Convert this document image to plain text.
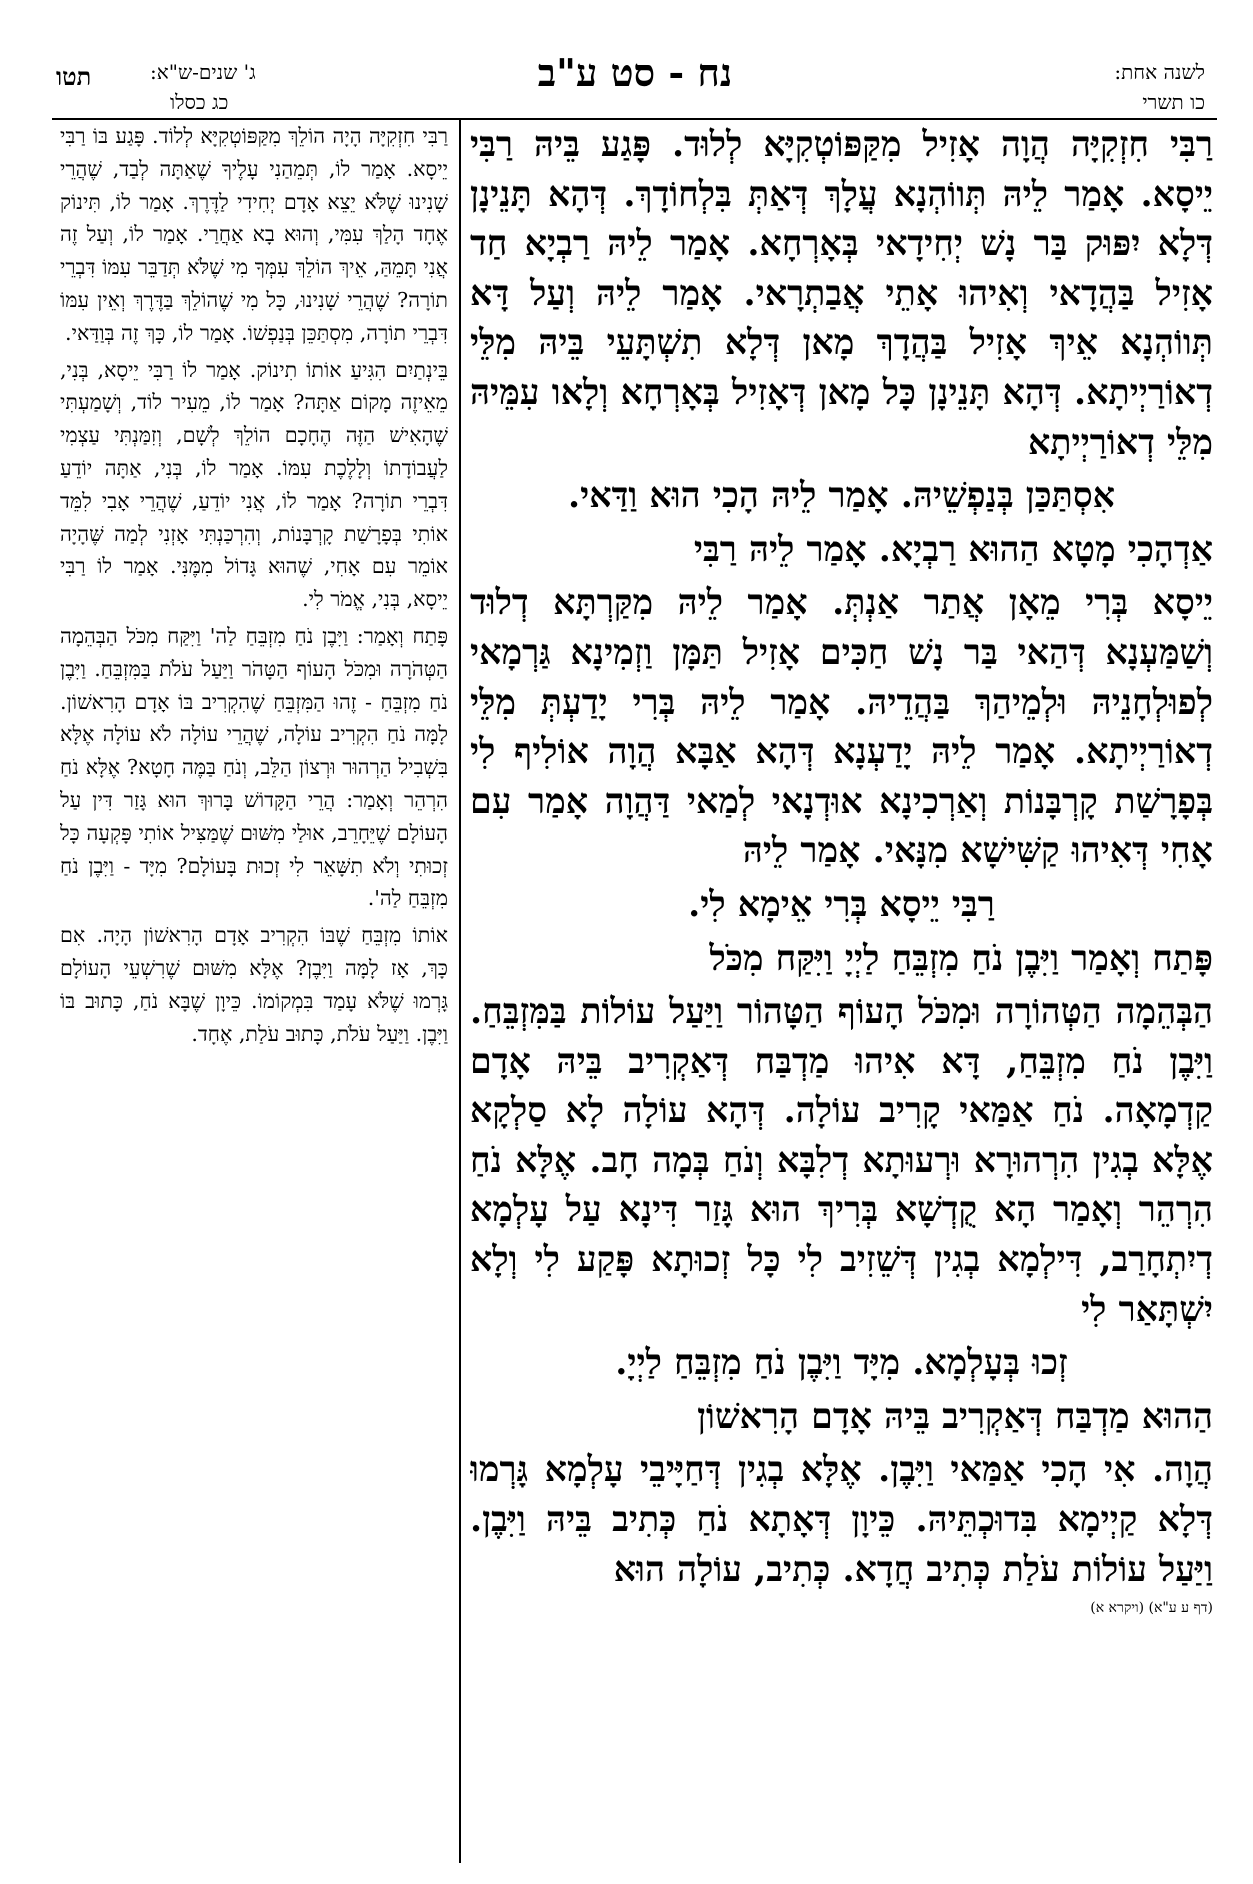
תטו	ג' שנים-ש"א:
כג כסלו
נח - סט ע"ב	לשנה אחת:
כו תשרי

רַבִּי חִזְקִיָּה הָיָה הוֹלֵךְ מִקַּפּוֹטְקִיָּא לְלוֹד. פָּגַע בּוֹ רַבִּי יֵיסָא. אָמַר לוֹ, תְּמֵהַנִי עָלֶיךָ שֶׁאַתָּה לְבַד, שֶׁהֲרֵי שָׁנִינוּ שֶׁלֹּא יֵצֵא אָדָם יְחִידִי לַדֶּרֶךְ. אָמַר לוֹ, תִּינוֹק אֶחָד הָלַךְ עִמִּי, וְהוּא בָא אַחֲרַי. אָמַר לוֹ, וְעַל זֶה אֲנִי תָּמֵהַּ, אֵיךְ הוֹלֵךְ עִמְּךָ מִי שֶׁלֹּא תְּדַבֵּר עִמּוֹ דִּבְרֵי תוֹרָה? שֶׁהֲרֵי שָׁנִינוּ, כָּל מִי שֶׁהוֹלֵךְ בַּדֶּרֶךְ וְאֵין עִמּוֹ דִּבְרֵי תוֹרָה, מִסְתַּכֵּן בְּנַפְשׁוֹ. אָמַר לוֹ, כָּךְ זֶה בְּוַדַּאי.

בֵּינְתַיִם הִגִּיעַ אוֹתוֹ תִינוֹק. אָמַר לוֹ רַבִּי יֵיסָא, בְּנִי, מֵאֵיזֶה מָקוֹם אַתָּה? אָמַר לוֹ, מֵעִיר לוֹד, וְשָׁמַעְתִּי שֶׁהָאִישׁ הַזֶּה הֶחָכָם הוֹלֵךְ לְשָׁם, וְזִמַּנְתִּי עַצְמִי לַעֲבוֹדָתוֹ וְלָלֶכֶת עִמּוֹ. אָמַר לוֹ, בְּנִי, אַתָּה יוֹדֵעַ דִּבְרֵי תוֹרָה? אָמַר לוֹ, אֲנִי יוֹדֵעַ, שֶׁהֲרֵי אָבִי לִמֵּד אוֹתִי בְּפָרָשַׁת קָרְבָּנוֹת, וְהִרְכַּנְתִּי אָזְנִי לְמַה שֶּׁהָיָה אוֹמֵר עִם אָחִי, שֶׁהוּא גָּדוֹל מִמֶּנִּי. אָמַר לוֹ רַבִּי יֵיסָא, בְּנִי, אֱמֹר לִי.

פָּתַח וְאָמַר: וַיִּבֶן נֹחַ מִזְבֵּחַ לַה' וַיִּקַּח מִכֹּל הַבְּהֵמָה הַטְּהֹרָה וּמִכֹּל הָעוֹף הַטָּהֹר וַיַּעַל עֹלֹת בַּמִּזְבֵּחַ. וַיִּבֶן נֹחַ מִזְבֵּחַ - זֶהוּ הַמִּזְבֵּחַ שֶׁהִקְרִיב בּוֹ אָדָם הָרִאשׁוֹן. לָמָּה נֹחַ הִקְרִיב עוֹלָה, שֶׁהֲרֵי עוֹלָה לֹא עוֹלָה אֶלָּא בִּשְׁבִיל הַרְהוּר וּרְצוֹן הַלֵּב, וְנֹחַ בַּמֶּה חָטָא? אֶלָּא נֹחַ הִרְהֵר וְאָמַר: הֲרֵי הַקָּדוֹשׁ בָּרוּךְ הוּא גָּזַר דִּין עַל הָעוֹלָם שֶׁיֵּחָרֵב, אוּלַי מִשּׁוּם שֶׁמַּצִּיל אוֹתִי פָּקְעָה כָּל זְכוּתִי וְלֹא תִשָּׁאֵר לִי זְכוּת בָּעוֹלָם? מִיָּד - וַיִּבֶן נֹחַ מִזְבֵּחַ לַה'.

אוֹתוֹ מִזְבֵּחַ שֶׁבּוֹ הִקְרִיב אָדָם הָרִאשׁוֹן הָיָה. אִם כָּךְ, אָז לָמָּה וַיִּבֶן? אֶלָּא מִשּׁוּם שֶׁרִשְׁעֵי הָעוֹלָם גָּרְמוּ שֶׁלֹּא עָמַד בִּמְקוֹמוֹ. כֵּיוָן שֶׁבָּא נֹחַ, כָּתוּב בּוֹ וַיִּבֶן. וַיַּעַל עֹלֹת, כָּתוּב עֹלַת, אֶחָד.

רַבִּי חִזְקִיָּה הֲוָה אָזִיל מִקַּפּוֹטְקִיָּא לְלוּד. פָּגַע בֵּיהּ רַבִּי יֵיסָא. אָמַר לֵיהּ תְּווֹהְנָא עֲלָךְ דְּאַתְּ בִּלְחוֹדָךְ. דְּהָא תָּנֵינָן דְּלָא יִפּוּק בַּר נָשׁ יְחִידָאי בְּאָרְחָא. אָמַר לֵיהּ רַבְיָא חַד אָזִיל בַּהֲדָאי וְאִיהוּ אָתֵי אֲבַתְרָאי. אָמַר לֵיהּ וְעַל דָּא תְּווֹהְנָא אֵיךְ אָזִיל בַּהֲדָךְ מָאן דְּלָא תִשְׁתָּעֵי בֵּיהּ מִלֵּי דְאוֹרַיְיתָא. דְּהָא תָּנֵינָן כָּל מָאן דְּאָזִיל בְּאָרְחָא וְלָאו עִמֵּיהּ מִלֵּי דְאוֹרַיְיתָא

אִסְתַּכַּן בְּנַפְשֵׁיהּ. אָמַר לֵיהּ הָכִי הוּא וַדַּאי.

אַדְהָכִי מָטָא הַהוּא רַבְיָא. אָמַר לֵיהּ רַבִּי

יֵיסָא בְּרִי מֵאָן אֲתַר אַנְתְּ. אָמַר לֵיהּ מִקַּרְתָּא דְלוּד וְשַׁמַּעְנָא דְּהַאי בַּר נָשׁ חַכִּים אָזִיל תַּמָּן וַזְמִינָא גַּרְמָאי לְפוּלְחָנֵיהּ וּלְמֵיהַךְ בַּהֲדֵיהּ. אָמַר לֵיהּ בְּרִי יָדַעְתְּ מִלֵּי דְאוֹרַיְיתָא. אָמַר לֵיהּ יָדַעְנָא דְּהָא אַבָּא הֲוָה אוֹלִיף לִי בְּפָרָשַׁת קָרְבָּנוֹת וְאַרְכִינָא אוּדְנָאי לְמַאי דַּהֲוָה אָמַר עִם אָחִי דְּאִיהוּ קַשִּׁישָׁא מִנָּאי. אָמַר לֵיהּ

רַבִּי יֵיסָא בְּרִי אֵימָא לִי.

פָּתַח וְאָמַר וַיִּבֶן נֹחַ מִזְבֵּחַ לַיְיָ וַיִּקַּח מִכֹּל

הַבְּהֵמָה הַטְּהוֹרָה וּמִכֹּל הָעוֹף הַטָּהוֹר וַיַּעַל עוֹלוֹת בַּמִּזְבֵּחַ. וַיִּבֶן נֹחַ מִזְבֵּחַ, דָּא אִיהוּ מַדְבַּח דְּאַקְרִיב בֵּיהּ אָדָם קַדְמָאָה. נֹחַ אַמַּאי קָרִיב עוֹלָה. דְּהָא עוֹלָה לָא סַלְקָא אֶלָּא בְגִין הִרְהוּרָא וּרְעוּתָא דְלִבָּא וְנֹחַ בְּמָה חָב. אֶלָּא נֹחַ הִרְהֵר וְאָמַר הָא קֻדְשָׁא בְּרִיךְ הוּא גָּזַר דִּינָא עַל עָלְמָא דְיִתְחָרַב, דִּילְמָא בְגִין דְּשֵׁזִיב לִי כָּל זְכוּתָא פָּקַע לִי וְלָא יִשְׁתָּאַר לִי

זְכוּ בְּעָלְמָא. מִיָּד וַיִּבֶן נֹחַ מִזְבֵּחַ לַיְיָ.

הַהוּא מַדְבַּח דְּאַקְרִיב בֵּיהּ אָדָם הָרִאשׁוֹן

הֲוָה. אִי הָכִי אַמַּאי וַיִּבֶן. אֶלָּא בְגִין דְּחַיָּיבֵי עָלְמָא גָּרְמוּ דְּלָא קַיְימָא בִּדוּכְתֵּיהּ. כֵּיוָן דְּאָתָא נֹחַ כְּתִיב בֵּיהּ וַיִּבֶן. וַיַּעַל עוֹלוֹת עֹלַת כְּתִיב חֲדָא. כְּתִיב, עוֹלָה הוּא

(דף ע ע"א) (ויקרא א)
